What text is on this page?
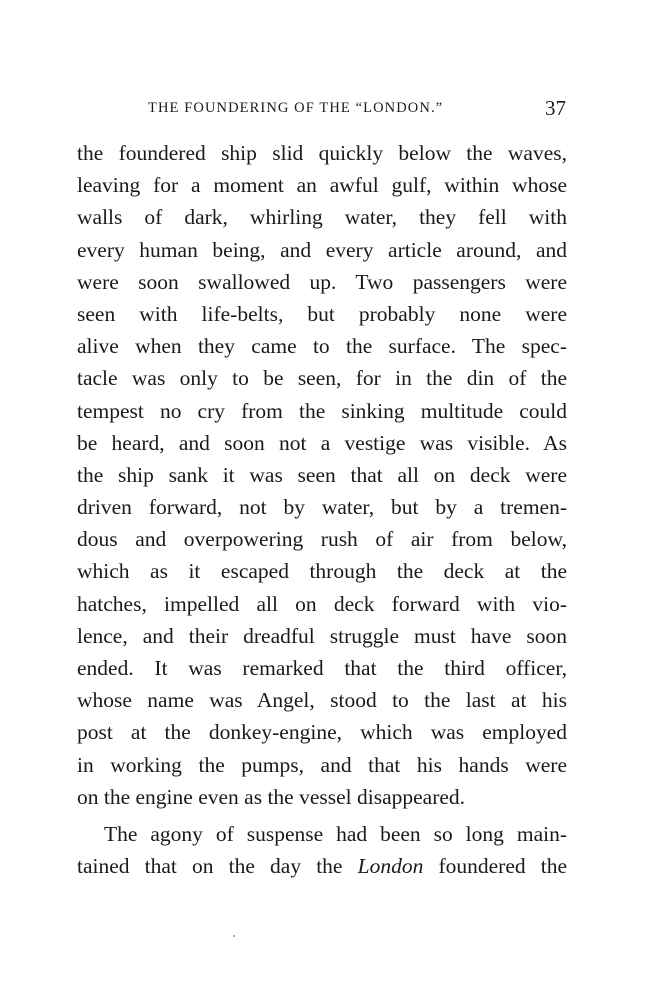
THE FOUNDERING OF THE “LONDON.”	37
the foundered ship slid quickly below the waves,
leaving for a moment an awful gulf, within whose
walls of dark, whirling water, they fell with
every human being, and every article around, and
were soon swallowed up. Two passengers were
seen with life-belts, but probably none were
alive when they came to the surface. The spec-
tacle was only to be seen, for in the din of the
tempest no cry from the sinking multitude could
be heard, and soon not a vestige was visible. As
the ship sank it was seen that all on deck were
driven forward, not by water, but by a tremen-
dous and overpowering rush of air from below,
which as it escaped through the deck at the
hatches, impelled all on deck forward with vio-
lence, and their dreadful struggle must have soon
ended. It was remarked that the third officer,
whose name was Angel, stood to the last at his
post at the donkey-engine, which was employed
in working the pumps, and that his hands were
on the engine even as the vessel disappeared.
The agony of suspense had been so long main-
tained that on the day the London foundered the
